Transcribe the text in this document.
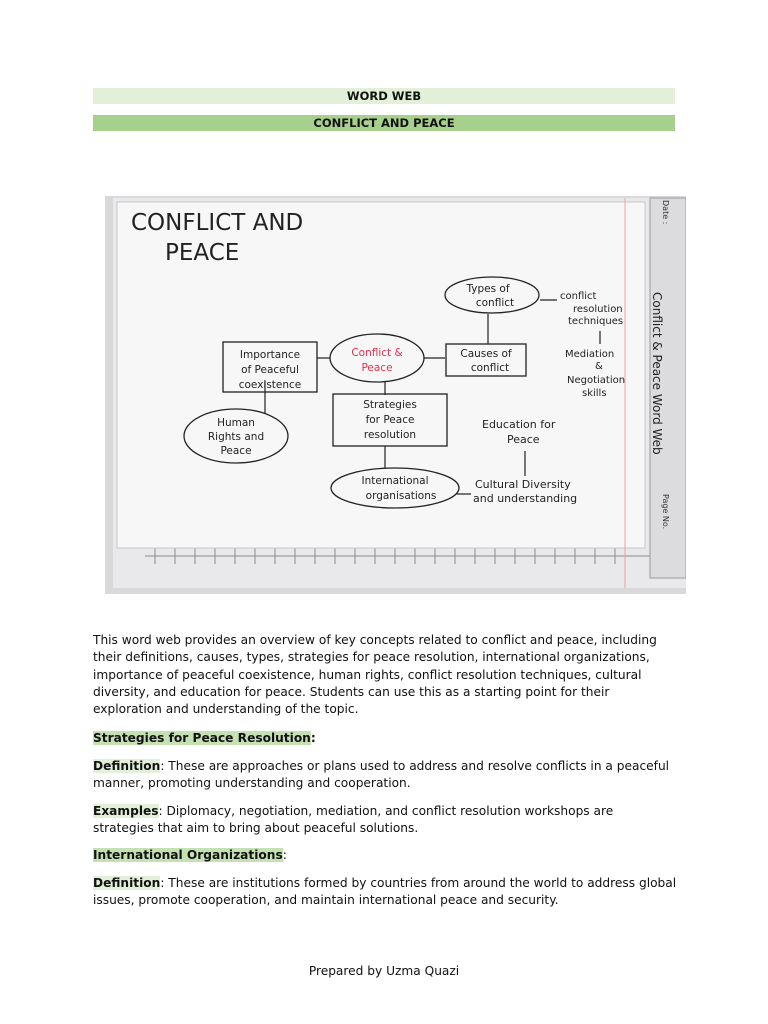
WORD WEB
CONFLICT AND PEACE
Date :
Page No.
Conflict & Peace Word Web
CONFLICT AND
PEACE
Conflict &
Peace
Importance
of Peaceful
coexistence
Human
Rights and
Peace
Strategies
for Peace
resolution
International
organisations
Causes of
conflict
Types of
conflict
conflict
resolution
techniques
Mediation
&
Negotiation
skills
Education for
Peace
Cultural Diversity
and understanding
This word web provides an overview of key concepts related to conflict and peace, including their definitions, causes, types, strategies for peace resolution, international organizations, importance of peaceful coexistence, human rights, conflict resolution techniques, cultural diversity, and education for peace. Students can use this as a starting point for their exploration and understanding of the topic.
Strategies for Peace Resolution:
Definition: These are approaches or plans used to address and resolve conflicts in a peaceful manner, promoting understanding and cooperation.
Examples: Diplomacy, negotiation, mediation, and conflict resolution workshops are strategies that aim to bring about peaceful solutions.
International Organizations:
Definition: These are institutions formed by countries from around the world to address global issues, promote cooperation, and maintain international peace and security.
Prepared by Uzma Quazi
